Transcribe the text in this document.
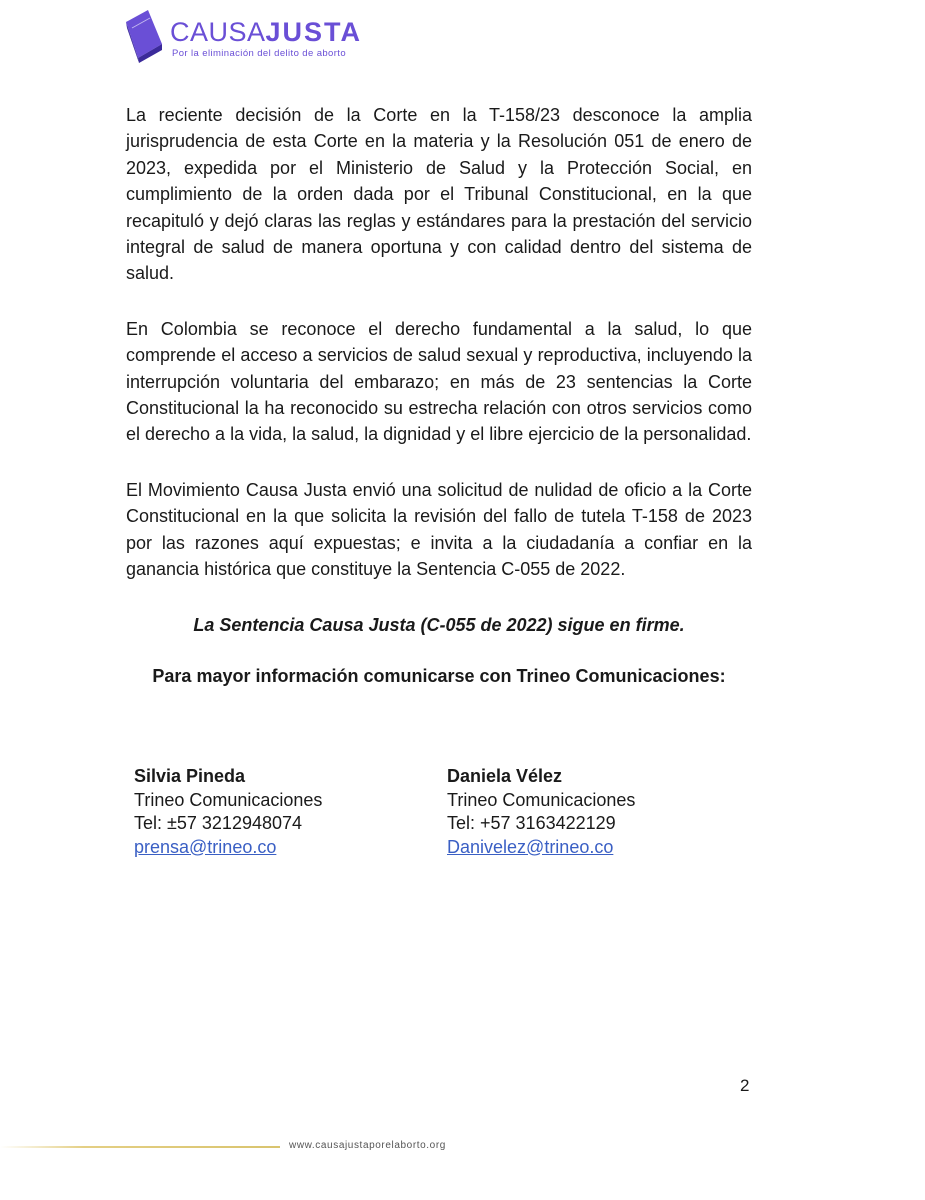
CAUSAJUSTA
Por la eliminación del delito de aborto

La reciente decisión de la Corte en la T-158/23 desconoce la amplia jurisprudencia de esta Corte en la materia y la Resolución 051 de enero de 2023, expedida por el Ministerio de Salud y la Protección Social, en cumplimiento de la orden dada por el Tribunal Constitucional, en la que recapituló y dejó claras las reglas y estándares para la prestación del servicio integral de salud de manera oportuna y con calidad dentro del sistema de salud.

En Colombia se reconoce el derecho fundamental a la salud, lo que comprende el acceso a servicios de salud sexual y reproductiva, incluyendo la interrupción voluntaria del embarazo; en más de 23 sentencias la Corte Constitucional la ha reconocido su estrecha relación con otros servicios como el derecho a la vida, la salud, la dignidad y el libre ejercicio de la personalidad.

El Movimiento Causa Justa envió una solicitud de nulidad de oficio a la Corte Constitucional en la que solicita la revisión del fallo de tutela T-158 de 2023 por las razones aquí expuestas; e invita a la ciudadanía a confiar en la ganancia histórica que constituye la Sentencia C-055 de 2022.

La Sentencia Causa Justa (C-055 de 2022) sigue en firme.

Para mayor información comunicarse con Trineo Comunicaciones:

Silvia Pineda
Trineo Comunicaciones
Tel: ±57 3212948074
prensa@trineo.co
Daniela Vélez
Trineo Comunicaciones
Tel: +57 3163422129
Danivelez@trineo.co
2
www.causajustaporelaborto.org
